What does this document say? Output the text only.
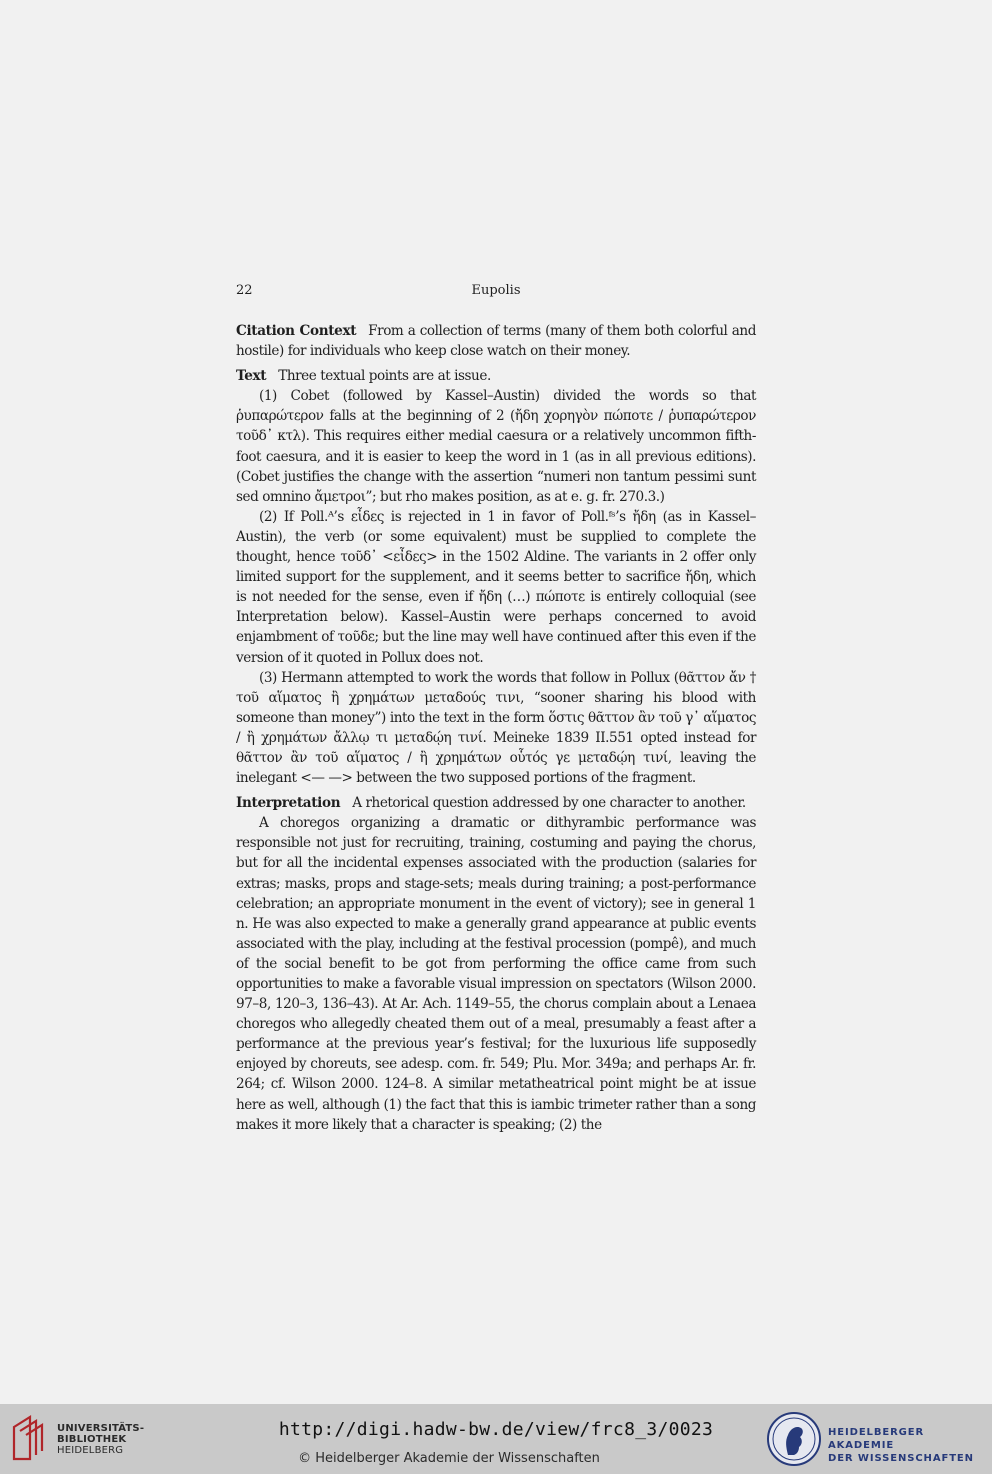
22	Eupolis

Citation Context From a collection of terms (many of them both colorful and hostile) for individuals who keep close watch on their money.

Text Three textual points are at issue.

(1) Cobet (followed by Kassel–Austin) divided the words so that ῥυπαρώτερον falls at the beginning of 2 (ἤδη χορηγὸν πώποτε / ῥυπαρώτερον τοῦδ᾽ κτλ). This requires either medial caesura or a relatively uncommon fifth-foot caesura, and it is easier to keep the word in 1 (as in all previous editions). (Cobet justifies the change with the assertion “numeri non tantum pessimi sunt sed omnino ἄμετροι”; but rho makes position, as at e. g. fr. 270.3.)

(2) If Poll.ᴬ’s εἶδες is rejected in 1 in favor of Poll.ᶠˢ’s ἤδη (as in Kassel–Austin), the verb (or some equivalent) must be supplied to complete the thought, hence τοῦδ᾽ <εἶδες> in the 1502 Aldine. The variants in 2 offer only limited support for the supplement, and it seems better to sacrifice ἤδη, which is not needed for the sense, even if ἤδη (…) πώποτε is entirely colloquial (see Interpretation below). Kassel–Austin were perhaps concerned to avoid enjambment of τοῦδε; but the line may well have continued after this even if the version of it quoted in Pollux does not.

(3) Hermann attempted to work the words that follow in Pollux (θᾶττον ἄν † τοῦ αἵματος ἢ χρημάτων μεταδούς τινι, “sooner sharing his blood with someone than money”) into the text in the form ὅστις θᾶττον ἂν τοῦ γ᾽ αἵματος / ἢ χρημάτων ἄλλῳ τι μεταδῴη τινί. Meineke 1839 II.551 opted instead for θᾶττον ἂν τοῦ αἵματος / ἢ χρημάτων οὗτός γε μεταδῴη τινί, leaving the inelegant <— —> between the two supposed portions of the fragment.

Interpretation A rhetorical question addressed by one character to another.

A choregos organizing a dramatic or dithyrambic performance was responsible not just for recruiting, training, costuming and paying the chorus, but for all the incidental expenses associated with the production (salaries for extras; masks, props and stage-sets; meals during training; a post-performance celebration; an appropriate monument in the event of victory); see in general 1 n. He was also expected to make a generally grand appearance at public events associated with the play, including at the festival procession (pompê), and much of the social benefit to be got from performing the office came from such opportunities to make a favorable visual impression on spectators (Wilson 2000. 97–8, 120–3, 136–43). At Ar. Ach. 1149–55, the chorus complain about a Lenaea choregos who allegedly cheated them out of a meal, presumably a feast after a performance at the previous year’s festival; for the luxurious life supposedly enjoyed by choreuts, see adesp. com. fr. 549; Plu. Mor. 349a; and perhaps Ar. fr. 264; cf. Wilson 2000. 124–8. A similar metatheatrical point might be at issue here as well, although (1) the fact that this is iambic trimeter rather than a song makes it more likely that a character is speaking; (2) the

UNIVERSITÄTS-
BIBLIOTHEK
HEIDELBERG
http://digi.hadw-bw.de/view/frc8_3/0023
© Heidelberger Akademie der Wissenschaften
HEIDELBERGER AKADEMIE
DER WISSENSCHAFTEN
